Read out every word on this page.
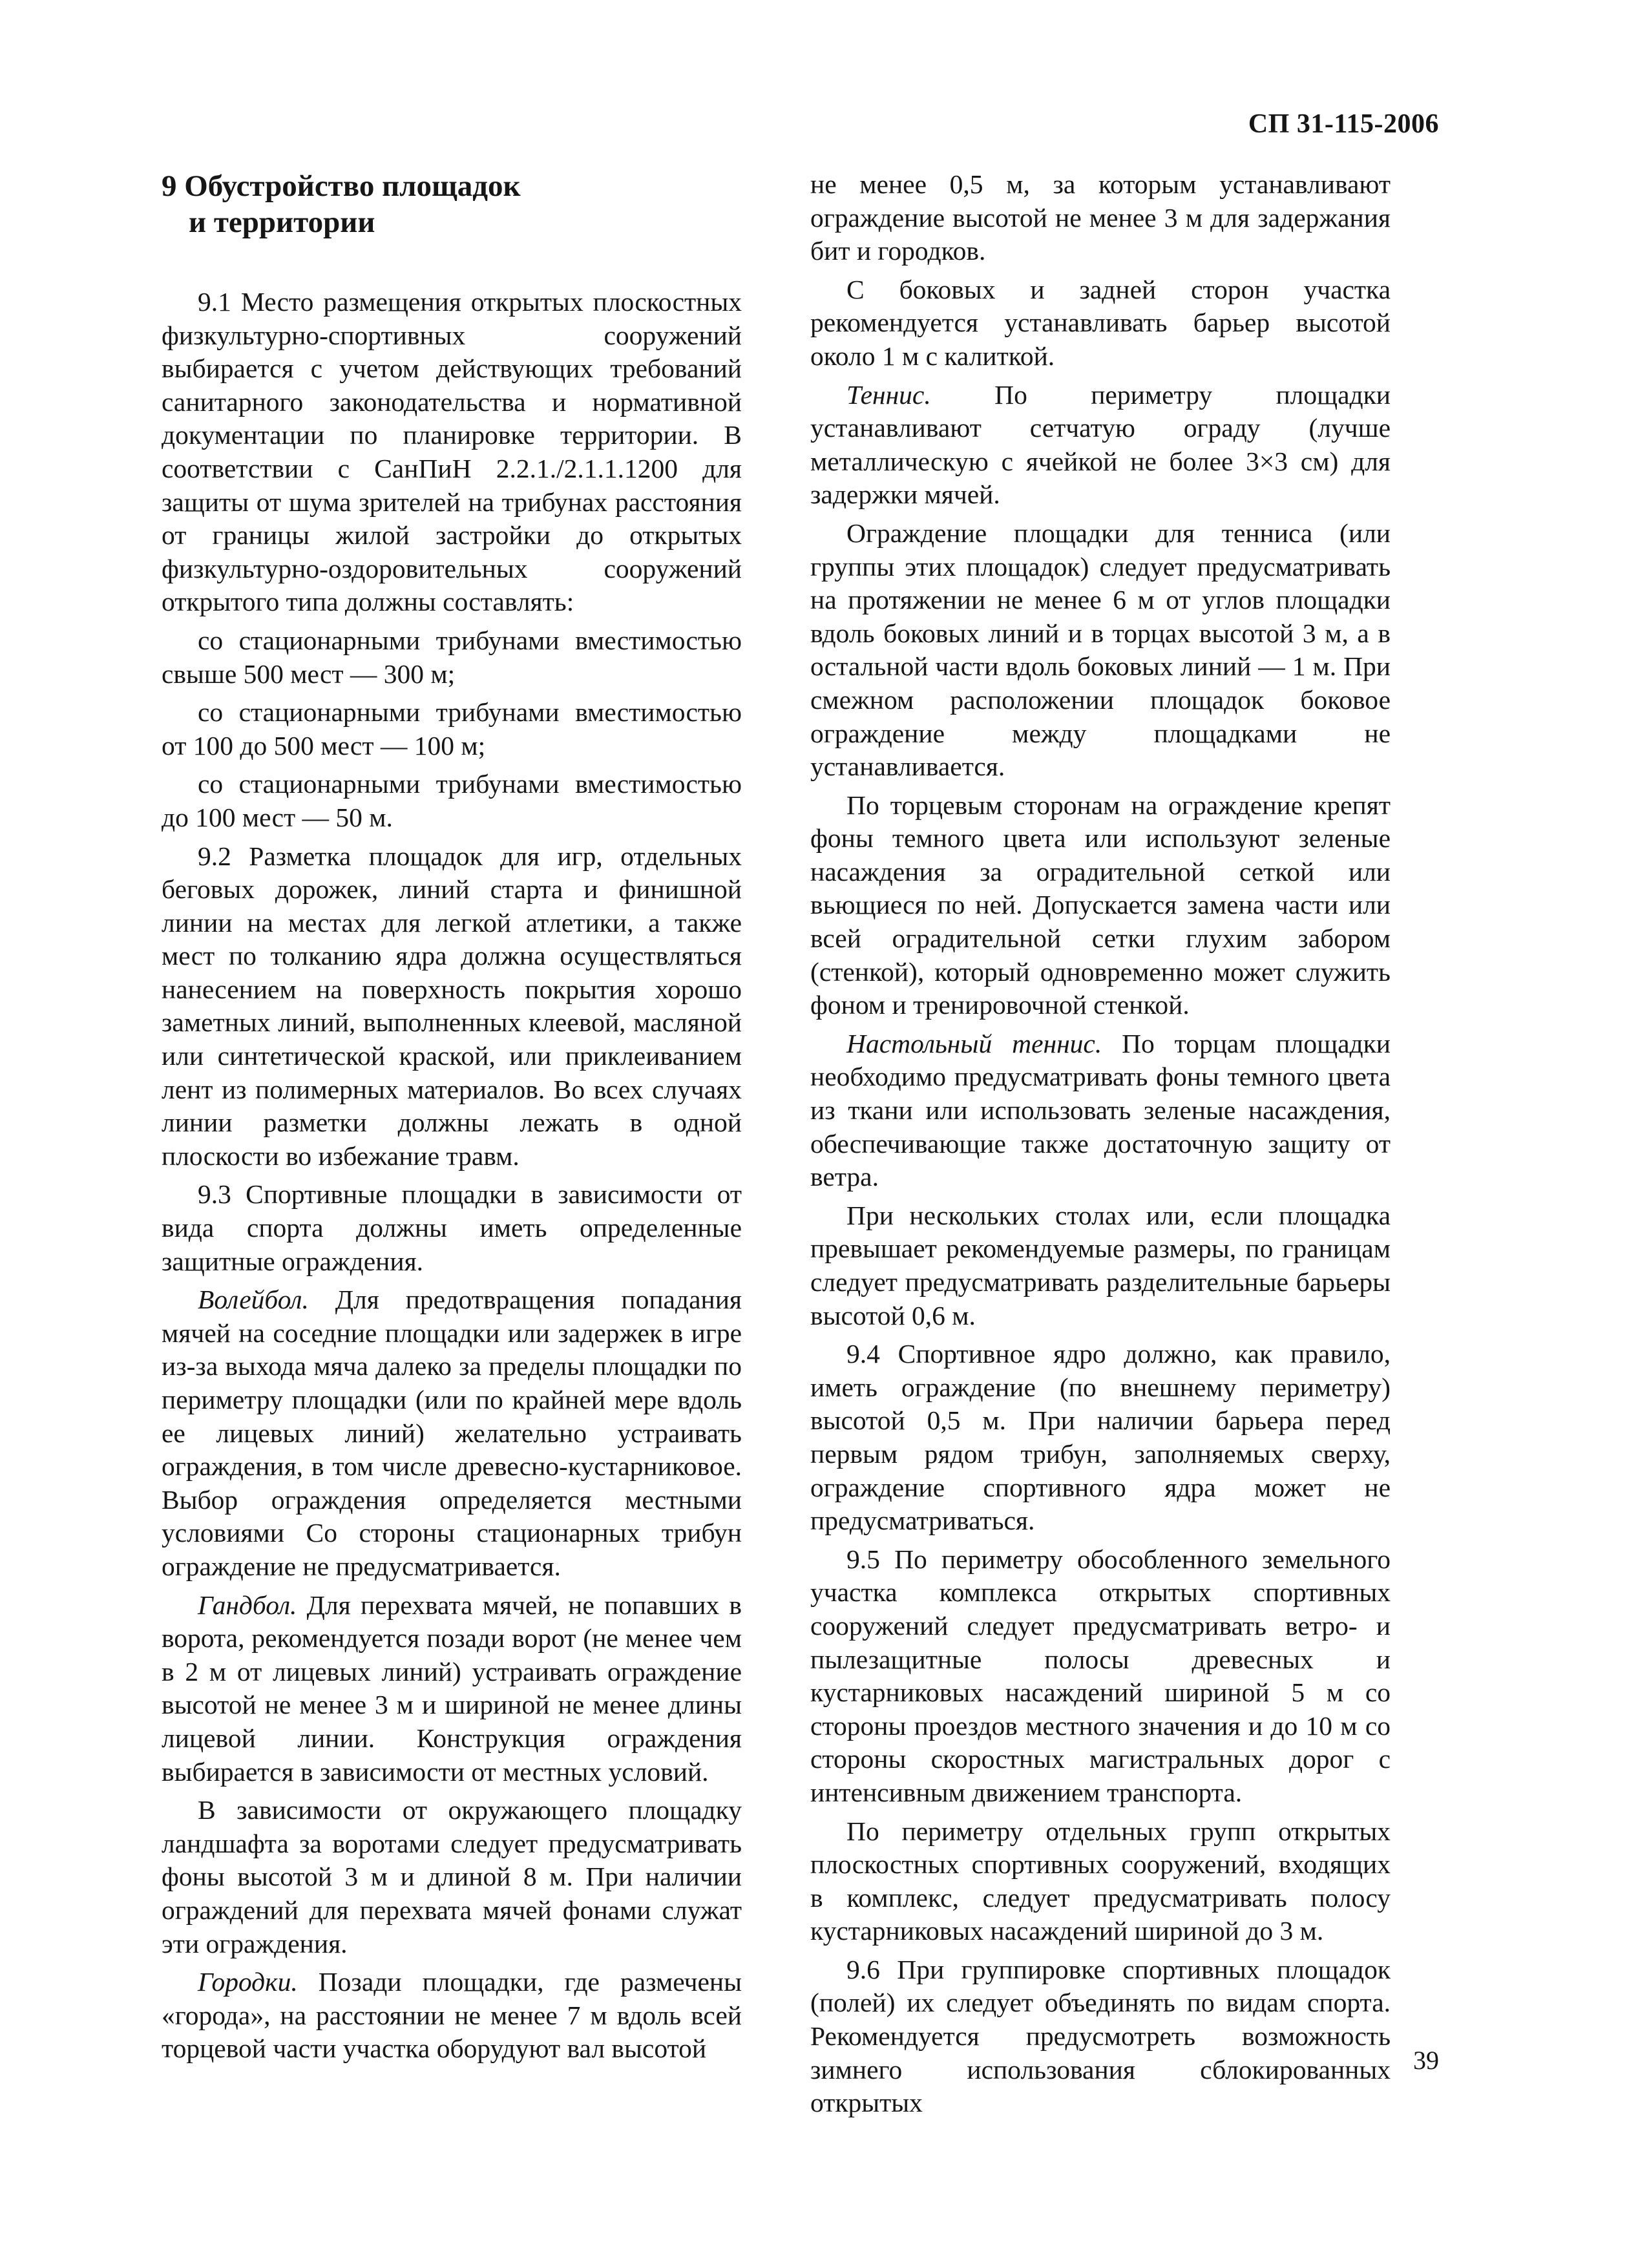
СП 31-115-2006
9 Обустройство площадок
и территории

9.1 Место размещения открытых плоскостных физкультурно-спортивных сооружений выбирается с учетом действующих требований санитарного законодательства и нормативной документации по планировке территории. В соответствии с СанПиН 2.2.1./2.1.1.1200 для защиты от шума зрителей на трибунах расстояния от границы жилой застройки до открытых физкультурно-оздоровительных сооружений открытого типа должны составлять:

со стационарными трибунами вместимостью свыше 500 мест — 300 м;

со стационарными трибунами вместимостью от 100 до 500 мест — 100 м;

со стационарными трибунами вместимостью до 100 мест — 50 м.

9.2 Разметка площадок для игр, отдельных беговых дорожек, линий старта и финишной линии на местах для легкой атлетики, а также мест по толканию ядра должна осуществляться нанесением на поверхность покрытия хорошо заметных линий, выполненных клеевой, масляной или синтетической краской, или приклеиванием лент из полимерных материалов. Во всех случаях линии разметки должны лежать в одной плоскости во избежание травм.

9.3 Спортивные площадки в зависимости от вида спорта должны иметь определенные защитные ограждения.

Волейбол. Для предотвращения попадания мячей на соседние площадки или задержек в игре из-за выхода мяча далеко за пределы площадки по периметру площадки (или по крайней мере вдоль ее лицевых линий) желательно устраивать ограждения, в том числе древесно-кустарниковое. Выбор ограждения определяется местными условиями Со стороны стационарных трибун ограждение не предусматривается.

Гандбол. Для перехвата мячей, не попавших в ворота, рекомендуется позади ворот (не менее чем в 2 м от лицевых линий) устраивать ограждение высотой не менее 3 м и шириной не менее длины лицевой линии. Конструкция ограждения выбирается в зависимости от местных условий.

В зависимости от окружающего площадку ландшафта за воротами следует предусматривать фоны высотой 3 м и длиной 8 м. При наличии ограждений для перехвата мячей фонами служат эти ограждения.

Городки. Позади площадки, где размечены «города», на расстоянии не менее 7 м вдоль всей торцевой части участка оборудуют вал высотой

не менее 0,5 м, за которым устанавливают ограждение высотой не менее 3 м для задержания бит и городков.

С боковых и задней сторон участка рекомендуется устанавливать барьер высотой около 1 м с калиткой.

Теннис. По периметру площадки устанавливают сетчатую ограду (лучше металлическую с ячейкой не более 3×3 см) для задержки мячей.

Ограждение площадки для тенниса (или группы этих площадок) следует предусматривать на протяжении не менее 6 м от углов площадки вдоль боковых линий и в торцах высотой 3 м, а в остальной части вдоль боковых линий — 1 м. При смежном расположении площадок боковое ограждение между площадками не устанавливается.

По торцевым сторонам на ограждение крепят фоны темного цвета или используют зеленые насаждения за оградительной сеткой или вьющиеся по ней. Допускается замена части или всей оградительной сетки глухим забором (стенкой), который одновременно может служить фоном и тренировочной стенкой.

Настольный теннис. По торцам площадки необходимо предусматривать фоны темного цвета из ткани или использовать зеленые насаждения, обеспечивающие также достаточную защиту от ветра.

При нескольких столах или, если площадка превышает рекомендуемые размеры, по границам следует предусматривать разделительные барьеры высотой 0,6 м.

9.4 Спортивное ядро должно, как правило, иметь ограждение (по внешнему периметру) высотой 0,5 м. При наличии барьера перед первым рядом трибун, заполняемых сверху, ограждение спортивного ядра может не предусматриваться.

9.5 По периметру обособленного земельного участка комплекса открытых спортивных сооружений следует предусматривать ветро- и пылезащитные полосы древесных и кустарниковых насаждений шириной 5 м со стороны проездов местного значения и до 10 м со стороны скоростных магистральных дорог с интенсивным движением транспорта.

По периметру отдельных групп открытых плоскостных спортивных сооружений, входящих в комплекс, следует предусматривать полосу кустарниковых насаждений шириной до 3 м.

9.6 При группировке спортивных площадок (полей) их следует объединять по видам спорта. Рекомендуется предусмотреть возможность зимнего использования сблокированных открытых

39
